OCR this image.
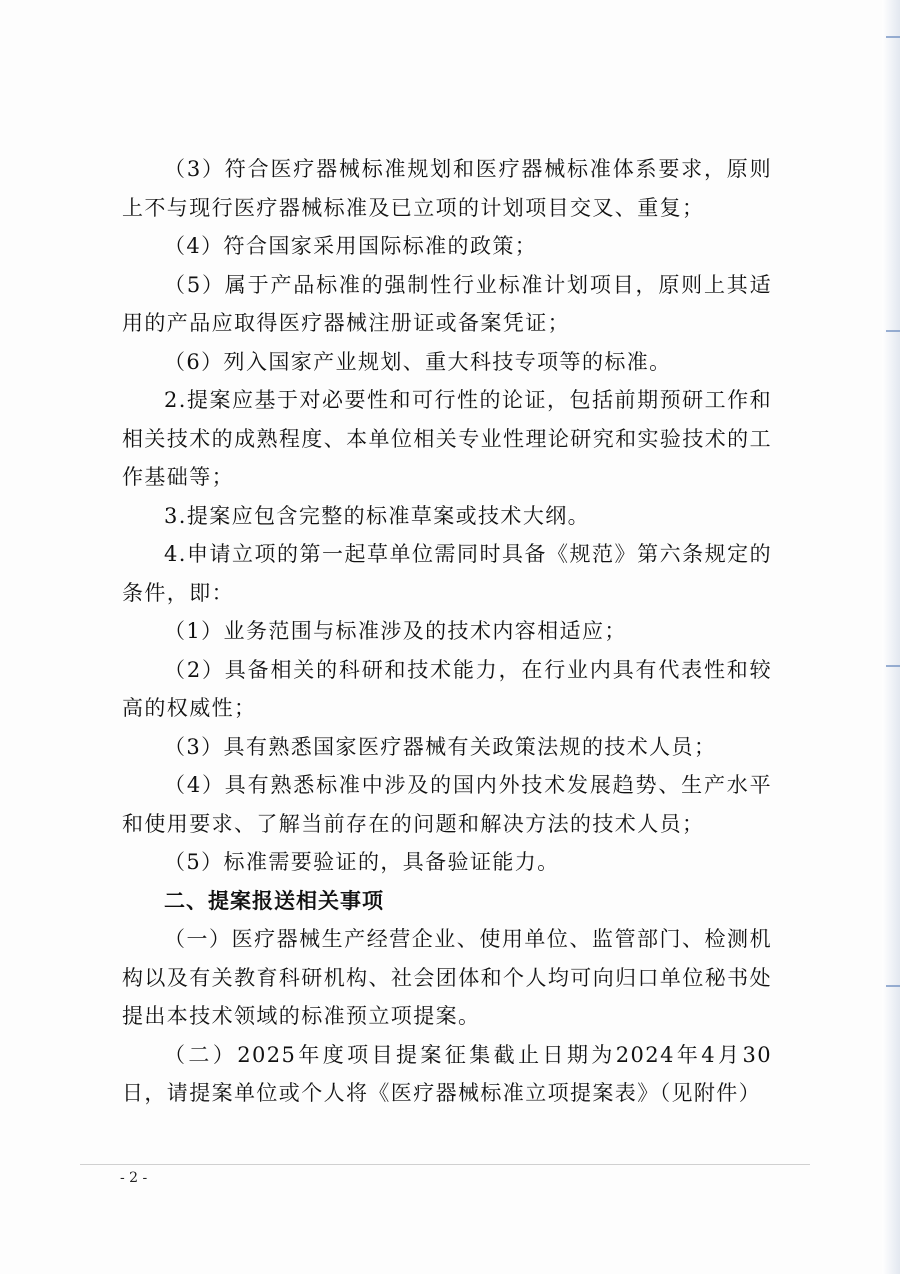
（3）符合医疗器械标准规划和医疗器械标准体系要求，原则上不与现行医疗器械标准及已立项的计划项目交叉、重复；

（4）符合国家采用国际标准的政策；

（5）属于产品标准的强制性行业标准计划项目，原则上其适用的产品应取得医疗器械注册证或备案凭证；

（6）列入国家产业规划、重大科技专项等的标准。

2.提案应基于对必要性和可行性的论证，包括前期预研工作和相关技术的成熟程度、本单位相关专业性理论研究和实验技术的工作基础等；

3.提案应包含完整的标准草案或技术大纲。

4.申请立项的第一起草单位需同时具备《规范》第六条规定的条件，即：

（1）业务范围与标准涉及的技术内容相适应；

（2）具备相关的科研和技术能力，在行业内具有代表性和较高的权威性；

（3）具有熟悉国家医疗器械有关政策法规的技术人员；

（4）具有熟悉标准中涉及的国内外技术发展趋势、生产水平和使用要求、了解当前存在的问题和解决方法的技术人员；

（5）标准需要验证的，具备验证能力。

二、提案报送相关事项

（一）医疗器械生产经营企业、使用单位、监管部门、检测机构以及有关教育科研机构、社会团体和个人均可向归口单位秘书处提出本技术领域的标准预立项提案。

（二）2025年度项目提案征集截止日期为2024年4月30日，请提案单位或个人将《医疗器械标准立项提案表》（见附件）

- 2 -
